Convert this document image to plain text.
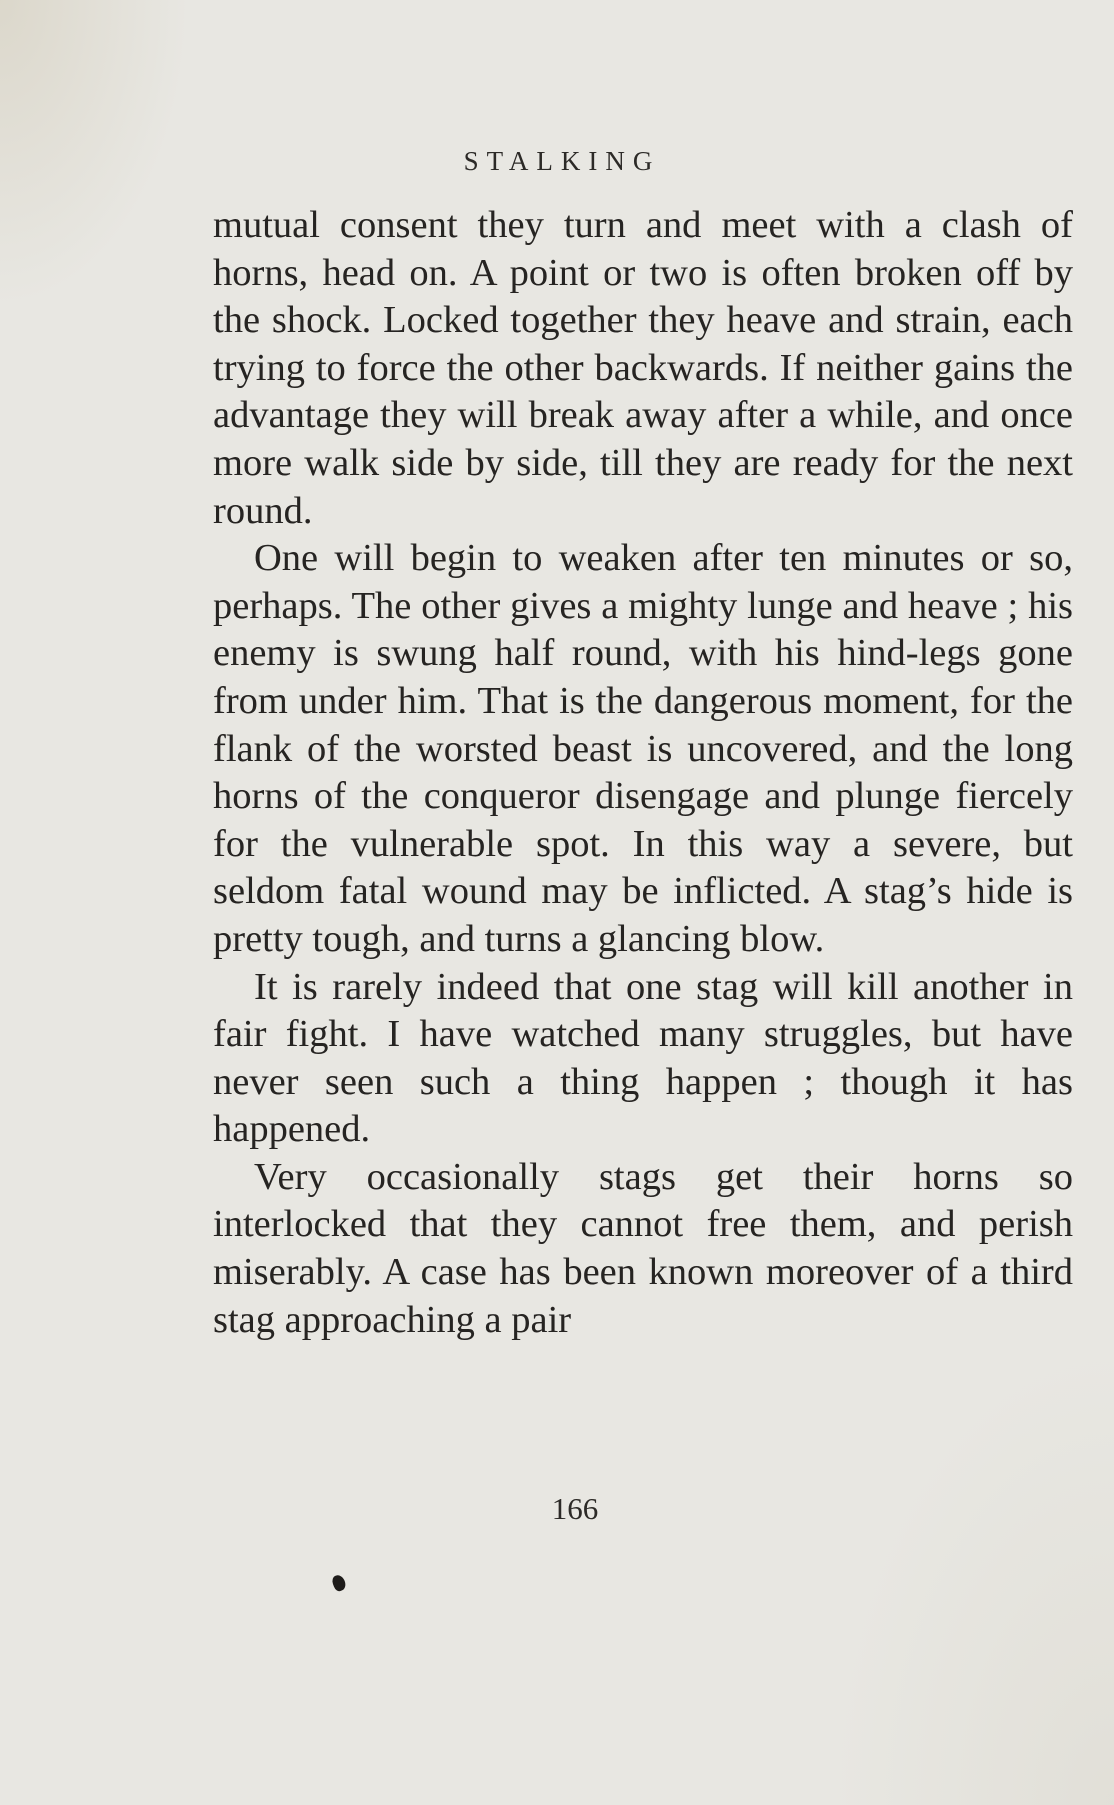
STALKING

mutual consent they turn and meet with a clash of horns, head on. A point or two is often broken off by the shock. Locked together they heave and strain, each trying to force the other backwards. If neither gains the advantage they will break away after a while, and once more walk side by side, till they are ready for the next round.

One will begin to weaken after ten minutes or so, perhaps. The other gives a mighty lunge and heave ; his enemy is swung half round, with his hind-legs gone from under him. That is the dangerous moment, for the flank of the worsted beast is uncovered, and the long horns of the conqueror disengage and plunge fiercely for the vulnerable spot. In this way a severe, but seldom fatal wound may be inflicted. A stag’s hide is pretty tough, and turns a glancing blow.

It is rarely indeed that one stag will kill another in fair fight. I have watched many struggles, but have never seen such a thing happen ; though it has happened.

Very occasionally stags get their horns so interlocked that they cannot free them, and perish miserably. A case has been known moreover of a third stag approaching a pair

166
